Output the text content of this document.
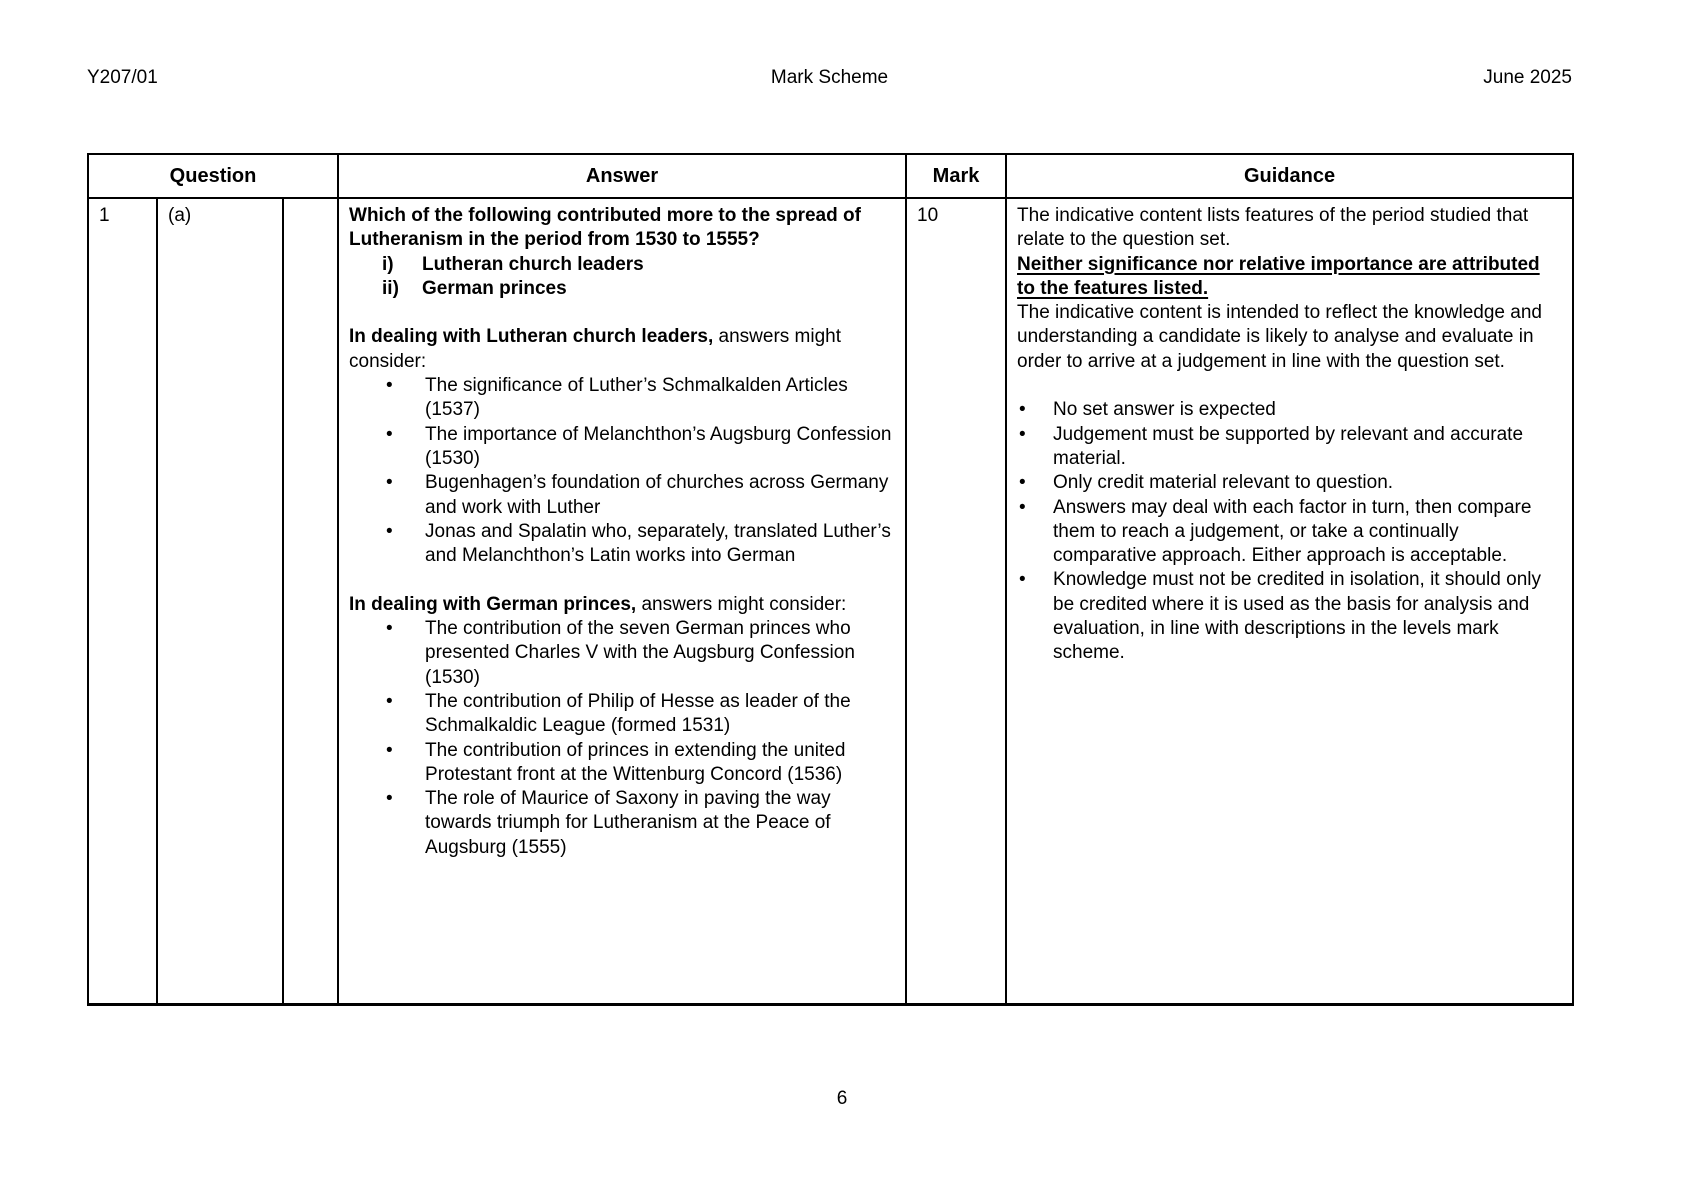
Y207/01	Mark Scheme	June 2025
Question			Answer	Mark	Guidance
1	(a)		Which of the following contributed more to the spread of Lutheranism in the period from 1530 to 1555?

i) Lutheran church leaders
ii) German princes

In dealing with Lutheran church leaders, answers might consider:

• The significance of Luther’s Schmalkalden Articles (1537)
• The importance of Melanchthon’s Augsburg Confession (1530)
• Bugenhagen’s foundation of churches across Germany and work with Luther
• Jonas and Spalatin who, separately, translated Luther’s and Melanchthon’s Latin works into German

In dealing with German princes, answers might consider:

• The contribution of the seven German princes who presented Charles V with the Augsburg Confession (1530)
• The contribution of Philip of Hesse as leader of the Schmalkaldic League (formed 1531)
• The contribution of princes in extending the united Protestant front at the Wittenburg Concord (1536)
• The role of Maurice of Saxony in paving the way towards triumph for Lutheranism at the Peace of Augsburg (1555)
	10	The indicative content lists features of the period studied that relate to the question set.

Neither significance nor relative importance are attributed to the features listed.

The indicative content is intended to reflect the knowledge and understanding a candidate is likely to analyse and evaluate in order to arrive at a judgement in line with the question set.

• No set answer is expected
• Judgement must be supported by relevant and accurate material.
• Only credit material relevant to question.
• Answers may deal with each factor in turn, then compare them to reach a judgement, or take a continually comparative approach. Either approach is acceptable.
• Knowledge must not be credited in isolation, it should only be credited where it is used as the basis for analysis and evaluation, in line with descriptions in the levels mark scheme.
6
